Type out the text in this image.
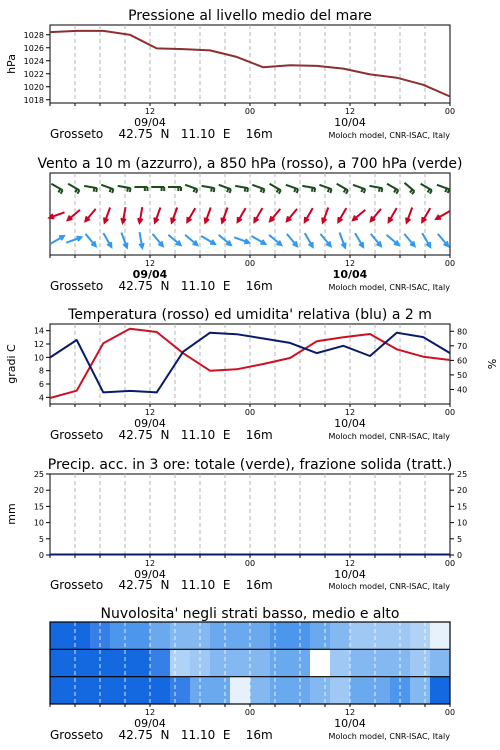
Pressione al livello medio del mare
1018
1020
1022
1024
1026
1028
hPa
12	00	12	00
09/04	10/04
Grosseto    42.75  N   11.10  E    16m	Moloch model, CNR-ISAC, Italy
Vento a 10 m (azzurro), a 850 hPa (rosso), a 700 hPa (verde)
12	00	12	00
09/04	10/04
Grosseto    42.75  N   11.10  E    16m	Moloch model, CNR-ISAC, Italy
Temperatura (rosso) ed umidita' relativa (blu) a 2 m
4
6
8
10
12
14
40
50
60
70
80
gradi C	%
12	00	12	00
09/04	10/04
Grosseto    42.75  N   11.10  E    16m	Moloch model, CNR-ISAC, Italy
Precip. acc. in 3 ore: totale (verde), frazione solida (tratt.)
0
5
10
15
20
25
0
5
10
15
20
25
mm
12	00	12	00
09/04	10/04
Grosseto    42.75  N   11.10  E    16m	Moloch model, CNR-ISAC, Italy
Nuvolosita' negli strati basso, medio e alto
12	00	12	00
09/04	10/04
Grosseto    42.75  N   11.10  E    16m	Moloch model, CNR-ISAC, Italy
